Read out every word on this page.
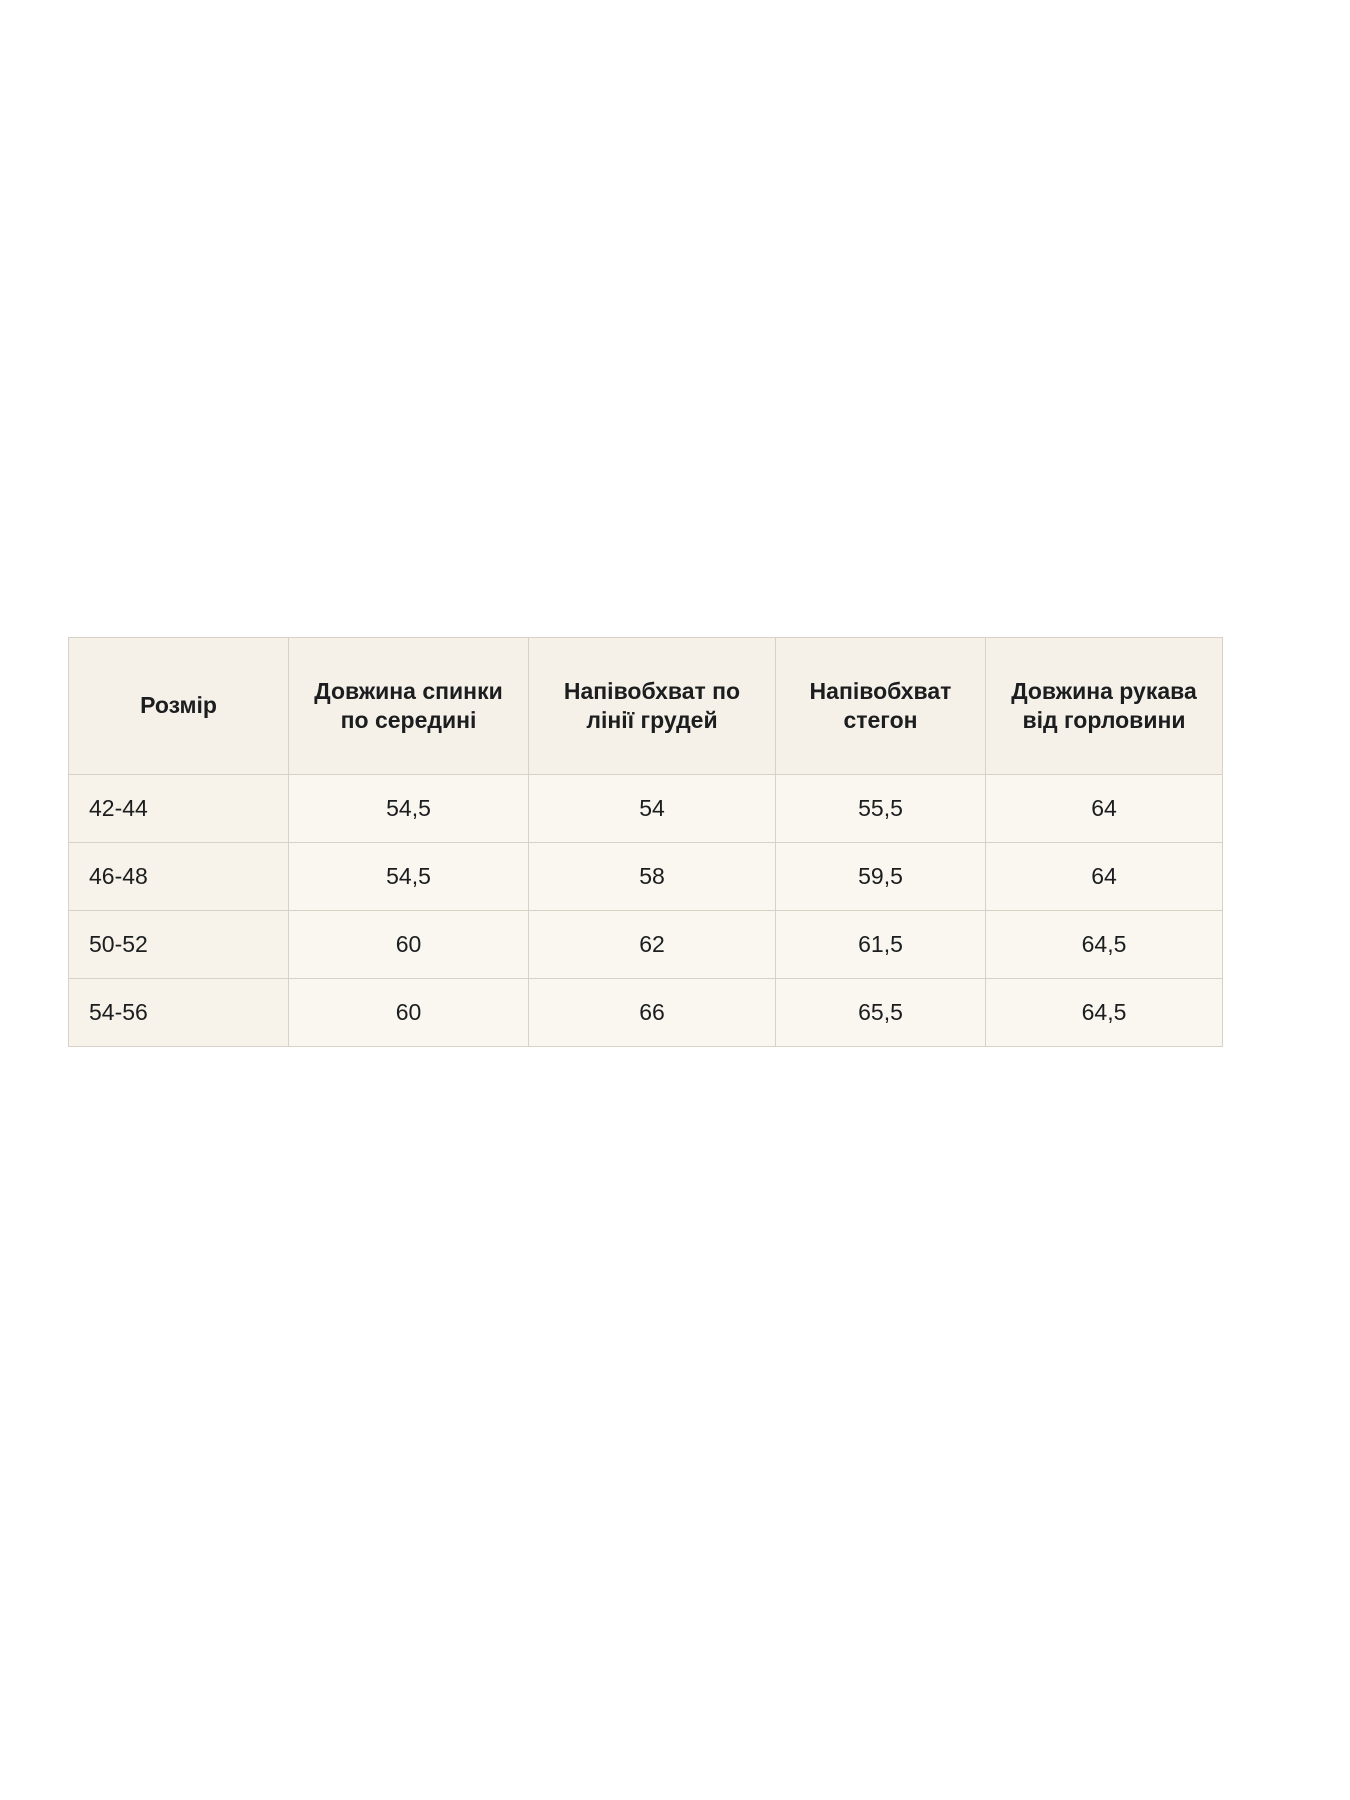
Розмір	Довжина спинки по середині	Напівобхват по лінії грудей	Напівобхват стегон	Довжина рукава від горловини
42-44	54,5	54	55,5	64
46-48	54,5	58	59,5	64
50-52	60	62	61,5	64,5
54-56	60	66	65,5	64,5
